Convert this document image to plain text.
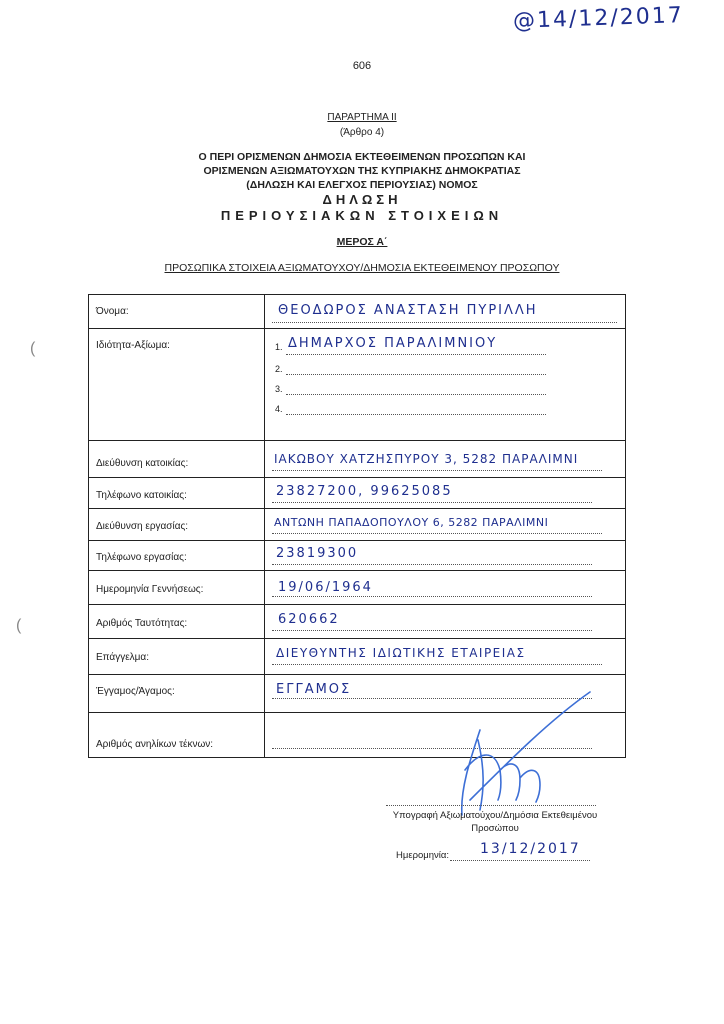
@14/12/2017
(
(
606
ΠΑΡΑΡΤΗΜΑ II
(Άρθρο 4)
Ο ΠΕΡΙ ΟΡΙΣΜΕΝΩΝ ΔΗΜΟΣΙΑ ΕΚΤΕΘΕΙΜΕΝΩΝ ΠΡΟΣΩΠΩΝ ΚΑΙ
ΟΡΙΣΜΕΝΩΝ ΑΞΙΩΜΑΤΟΥΧΩΝ ΤΗΣ ΚΥΠΡΙΑΚΗΣ ΔΗΜΟΚΡΑΤΙΑΣ
(ΔΗΛΩΣΗ ΚΑΙ ΕΛΕΓΧΟΣ ΠΕΡΙΟΥΣΙΑΣ) ΝΟΜΟΣ
ΔΗΛΩΣΗ
ΠΕΡΙΟΥΣΙΑΚΩΝ ΣΤΟΙΧΕΙΩΝ
ΜΕΡΟΣ Α΄
ΠΡΟΣΩΠΙΚΑ ΣΤΟΙΧΕΙΑ ΑΞΙΩΜΑΤΟΥΧΟΥ/ΔΗΜΟΣΙΑ ΕΚΤΕΘΕΙΜΕΝΟΥ ΠΡΟΣΩΠΟΥ
Όνομα:	ΘΕΟΔΩΡΟΣ ΑΝΑΣΤΑΣΗ ΠΥΡΙΛΛΗ
Ιδιότητα-Αξίωμα:	1. ΔΗΜΑΡΧΟΣ ΠΑΡΑΛΙΜΝΙΟΥ
2.
3.
4.
Διεύθυνση κατοικίας:	ΙΑΚΩΒΟΥ ΧΑΤΖΗΣΠΥΡΟΥ 3, 5282 ΠΑΡΑΛΙΜΝΙ
Τηλέφωνο κατοικίας:	23827200, 99625085
Διεύθυνση εργασίας:	ΑΝΤΩΝΗ ΠΑΠΑΔΟΠΟΥΛΟΥ 6, 5282 ΠΑΡΑΛΙΜΝΙ
Τηλέφωνο εργασίας:	23819300
Ημερομηνία Γεννήσεως:	19/06/1964
Αριθμός Ταυτότητας:	620662
Επάγγελμα:	ΔΙΕΥΘΥΝΤΗΣ ΙΔΙΩΤΙΚΗΣ ΕΤΑΙΡΕΙΑΣ
Έγγαμος/Άγαμος:	ΕΓΓΑΜΟΣ
Αριθμός ανηλίκων τέκνων:
Υπογραφή Αξιωματούχου/Δημόσια Εκτεθειμένου
Προσώπου
Ημερομηνία: 13/12/2017
